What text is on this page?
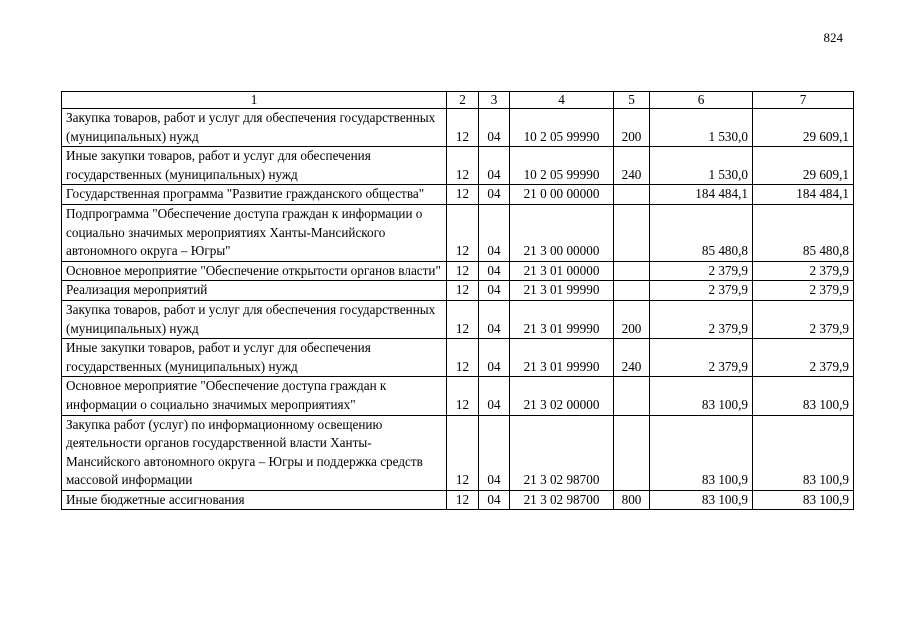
824
1	2	3	4	5	6	7
Закупка товаров, работ и услуг для обеспечения государственных (муниципальных) нужд	12	04	10 2 05 99990	200	1 530,0	29 609,1
Иные закупки товаров, работ и услуг для обеспечения государственных (муниципальных) нужд	12	04	10 2 05 99990	240	1 530,0	29 609,1
Государственная программа "Развитие гражданского общества"	12	04	21 0 00 00000		184 484,1	184 484,1
Подпрограмма "Обеспечение доступа граждан к информации о социально значимых мероприятиях Ханты-Мансийского автономного округа – Югры"	12	04	21 3 00 00000		85 480,8	85 480,8
Основное мероприятие "Обеспечение открытости органов власти"	12	04	21 3 01 00000		2 379,9	2 379,9
Реализация мероприятий	12	04	21 3 01 99990		2 379,9	2 379,9
Закупка товаров, работ и услуг для обеспечения государственных (муниципальных) нужд	12	04	21 3 01 99990	200	2 379,9	2 379,9
Иные закупки товаров, работ и услуг для обеспечения государственных (муниципальных) нужд	12	04	21 3 01 99990	240	2 379,9	2 379,9
Основное мероприятие "Обеспечение доступа граждан к информации о социально значимых мероприятиях"	12	04	21 3 02 00000		83 100,9	83 100,9
Закупка работ (услуг) по информационному освещению деятельности органов государственной власти Ханты-Мансийского автономного округа – Югры и поддержка средств массовой информации	12	04	21 3 02 98700		83 100,9	83 100,9
Иные бюджетные ассигнования	12	04	21 3 02 98700	800	83 100,9	83 100,9
